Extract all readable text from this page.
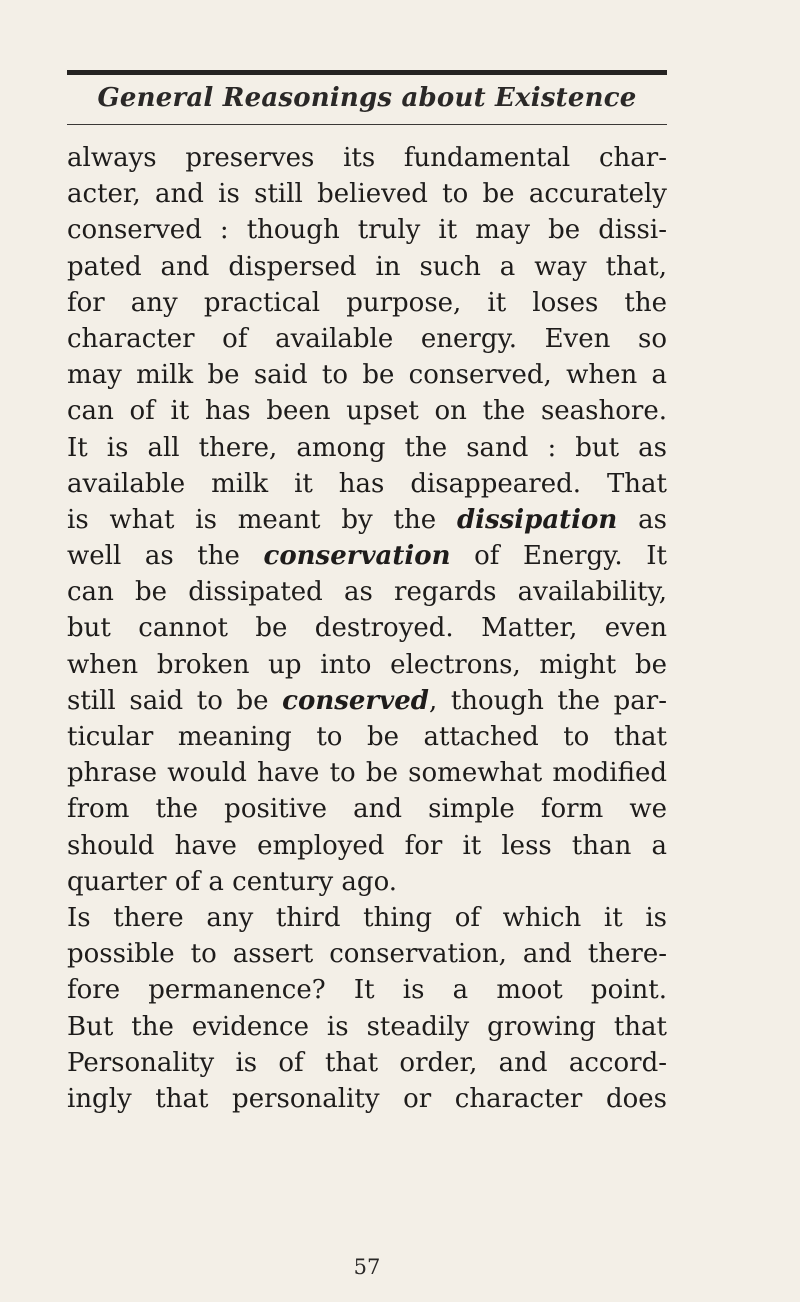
General Reasonings about Existence
always preserves its fundamental char-
acter, and is still believed to be accurately
conserved : though truly it may be dissi-
pated and dispersed in such a way that,
for any practical purpose, it loses the
character of available energy. Even so
may milk be said to be conserved, when a
can of it has been upset on the seashore.
It is all there, among the sand : but as
available milk it has disappeared. That
is what is meant by the dissipation as
well as the conservation of Energy. It
can be dissipated as regards availability,
but cannot be destroyed. Matter, even
when broken up into electrons, might be
still said to be conserved, though the par-
ticular meaning to be attached to that
phrase would have to be somewhat modified
from the positive and simple form we
should have employed for it less than a
quarter of a century ago.
Is there any third thing of which it is
possible to assert conservation, and there-
fore permanence? It is a moot point.
But the evidence is steadily growing that
Personality is of that order, and accord-
ingly that personality or character does
57
